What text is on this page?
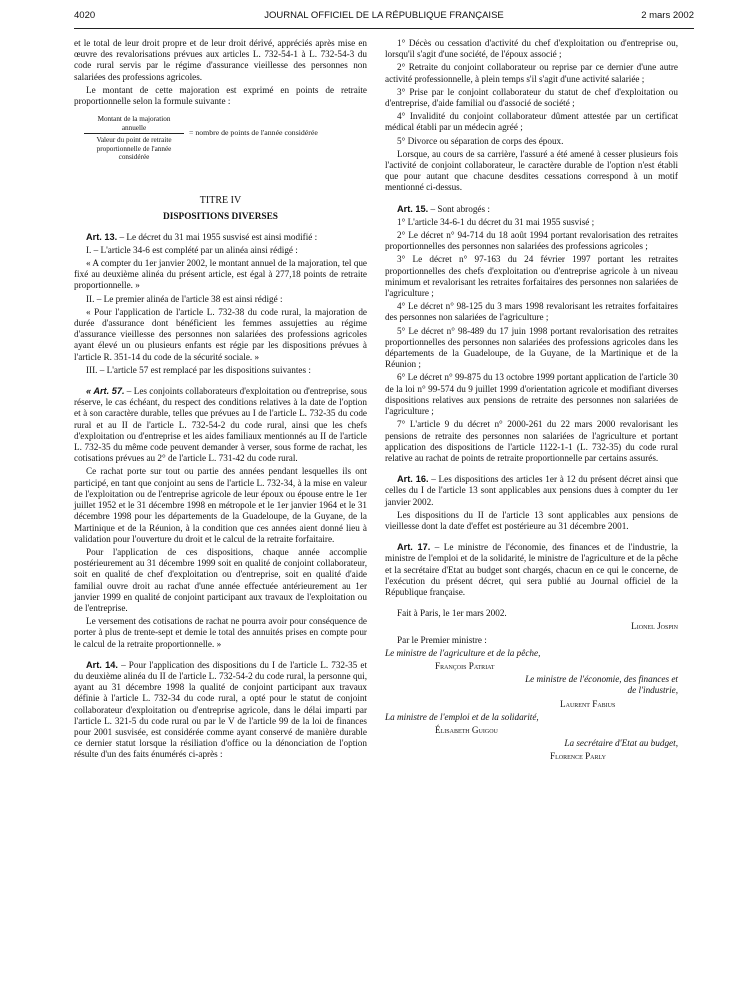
4020	JOURNAL OFFICIEL DE LA RÉPUBLIQUE FRANÇAISE	2 mars 2002

et le total de leur droit propre et de leur droit dérivé, appréciés après mise en œuvre des revalorisations prévues aux articles L. 732-54-1 à L. 732-54-3 du code rural servis par le régime d'assurance vieillesse des personnes non salariées des professions agricoles.

Le montant de cette majoration est exprimé en points de retraite proportionnelle selon la formule suivante :

Montant de la majoration annuelle
Valeur du point de retraite proportionnelle de l'année considérée
= nombre de points de l'année considérée
TITRE IV
DISPOSITIONS DIVERSES

Art. 13. – Le décret du 31 mai 1955 susvisé est ainsi modifié :

I. – L'article 34-6 est complété par un alinéa ainsi rédigé :

« A compter du 1er janvier 2002, le montant annuel de la majoration, tel que fixé au deuxième alinéa du présent article, est égal à 277,18 points de retraite proportionnelle. »

II. – Le premier alinéa de l'article 38 est ainsi rédigé :

« Pour l'application de l'article L. 732-38 du code rural, la majoration de durée d'assurance dont bénéficient les femmes assujetties au régime d'assurance vieillesse des personnes non salariées des professions agricoles ayant élevé un ou plusieurs enfants est régie par les dispositions prévues à l'article R. 351-14 du code de la sécurité sociale. »

III. – L'article 57 est remplacé par les dispositions suivantes :

« Art. 57. – Les conjoints collaborateurs d'exploitation ou d'entreprise, sous réserve, le cas échéant, du respect des conditions relatives à la date de l'option et à son caractère durable, telles que prévues au I de l'article L. 732-35 du code rural et au II de l'article L. 732-54-2 du code rural, ainsi que les chefs d'exploitation ou d'entreprise et les aides familiaux mentionnés au II de l'article L. 732-35 du même code peuvent demander à verser, sous forme de rachat, les cotisations prévues au 2° de l'article L. 731-42 du code rural.

Ce rachat porte sur tout ou partie des années pendant lesquelles ils ont participé, en tant que conjoint au sens de l'article L. 732-34, à la mise en valeur de l'exploitation ou de l'entreprise agricole de leur époux ou épouse entre le 1er juillet 1952 et le 31 décembre 1998 en métropole et le 1er janvier 1964 et le 31 décembre 1998 pour les départements de la Guadeloupe, de la Guyane, de la Martinique et de la Réunion, à la condition que ces années aient donné lieu à validation pour l'ouverture du droit et le calcul de la retraite forfaitaire.

Pour l'application de ces dispositions, chaque année accomplie postérieurement au 31 décembre 1999 soit en qualité de conjoint collaborateur, soit en qualité de chef d'exploitation ou d'entreprise, soit en qualité d'aide familial ouvre droit au rachat d'une année effectuée antérieurement au 1er janvier 1999 en qualité de conjoint participant aux travaux de l'exploitation ou de l'entreprise.

Le versement des cotisations de rachat ne pourra avoir pour conséquence de porter à plus de trente-sept et demie le total des annuités prises en compte pour le calcul de la retraite proportionnelle. »

Art. 14. – Pour l'application des dispositions du I de l'article L. 732-35 et du deuxième alinéa du II de l'article L. 732-54-2 du code rural, la personne qui, ayant au 31 décembre 1998 la qualité de conjoint participant aux travaux définie à l'article L. 732-34 du code rural, a opté pour le statut de conjoint collaborateur d'exploitation ou d'entreprise agricole, dans le délai imparti par l'article L. 321-5 du code rural ou par le V de l'article 99 de la loi de finances pour 2001 susvisée, est considérée comme ayant conservé de manière durable ce dernier statut lorsque la résiliation d'office ou la dénonciation de l'option résulte d'un des faits énumérés ci-après :

1° Décès ou cessation d'activité du chef d'exploitation ou d'entreprise ou, lorsqu'il s'agit d'une société, de l'époux associé ;

2° Retraite du conjoint collaborateur ou reprise par ce dernier d'une autre activité professionnelle, à plein temps s'il s'agit d'une activité salariée ;

3° Prise par le conjoint collaborateur du statut de chef d'exploitation ou d'entreprise, d'aide familial ou d'associé de société ;

4° Invalidité du conjoint collaborateur dûment attestée par un certificat médical établi par un médecin agréé ;

5° Divorce ou séparation de corps des époux.

Lorsque, au cours de sa carrière, l'assuré a été amené à cesser plusieurs fois l'activité de conjoint collaborateur, le caractère durable de l'option n'est établi que pour autant que chacune desdites cessations correspond à un motif mentionné ci-dessus.

Art. 15. – Sont abrogés :

1° L'article 34-6-1 du décret du 31 mai 1955 susvisé ;

2° Le décret n° 94-714 du 18 août 1994 portant revalorisation des retraites proportionnelles des personnes non salariées des professions agricoles ;

3° Le décret n° 97-163 du 24 février 1997 portant les retraites proportionnelles des chefs d'exploitation ou d'entreprise agricole à un niveau minimum et revalorisant les retraites forfaitaires des personnes non salariées de l'agriculture ;

4° Le décret n° 98-125 du 3 mars 1998 revalorisant les retraites forfaitaires des personnes non salariées de l'agriculture ;

5° Le décret n° 98-489 du 17 juin 1998 portant revalorisation des retraites proportionnelles des personnes non salariées des professions agricoles dans les départements de la Guadeloupe, de la Guyane, de la Martinique et de la Réunion ;

6° Le décret n° 99-875 du 13 octobre 1999 portant application de l'article 30 de la loi n° 99-574 du 9 juillet 1999 d'orientation agricole et modifiant diverses dispositions relatives aux pensions de retraite des personnes non salariées de l'agriculture ;

7° L'article 9 du décret n° 2000-261 du 22 mars 2000 revalorisant les pensions de retraite des personnes non salariées de l'agriculture et portant application des dispositions de l'article 1122-1-1 (L. 732-35) du code rural relative au rachat de points de retraite proportionnelle par certains assurés.

Art. 16. – Les dispositions des articles 1er à 12 du présent décret ainsi que celles du I de l'article 13 sont applicables aux pensions dues à compter du 1er janvier 2002.

Les dispositions du II de l'article 13 sont applicables aux pensions de vieillesse dont la date d'effet est postérieure au 31 décembre 2001.

Art. 17. – Le ministre de l'économie, des finances et de l'industrie, la ministre de l'emploi et de la solidarité, le ministre de l'agriculture et de la pêche et la secrétaire d'Etat au budget sont chargés, chacun en ce qui le concerne, de l'exécution du présent décret, qui sera publié au Journal officiel de la République française.

Fait à Paris, le 1er mars 2002.

Lionel Jospin

Par le Premier ministre :

Le ministre de l'agriculture et de la pêche,

François Patriat

Le ministre de l'économie, des finances et de l'industrie,

Laurent Fabius

La ministre de l'emploi et de la solidarité,

Élisabeth Guigou

La secrétaire d'Etat au budget,

Florence Parly
